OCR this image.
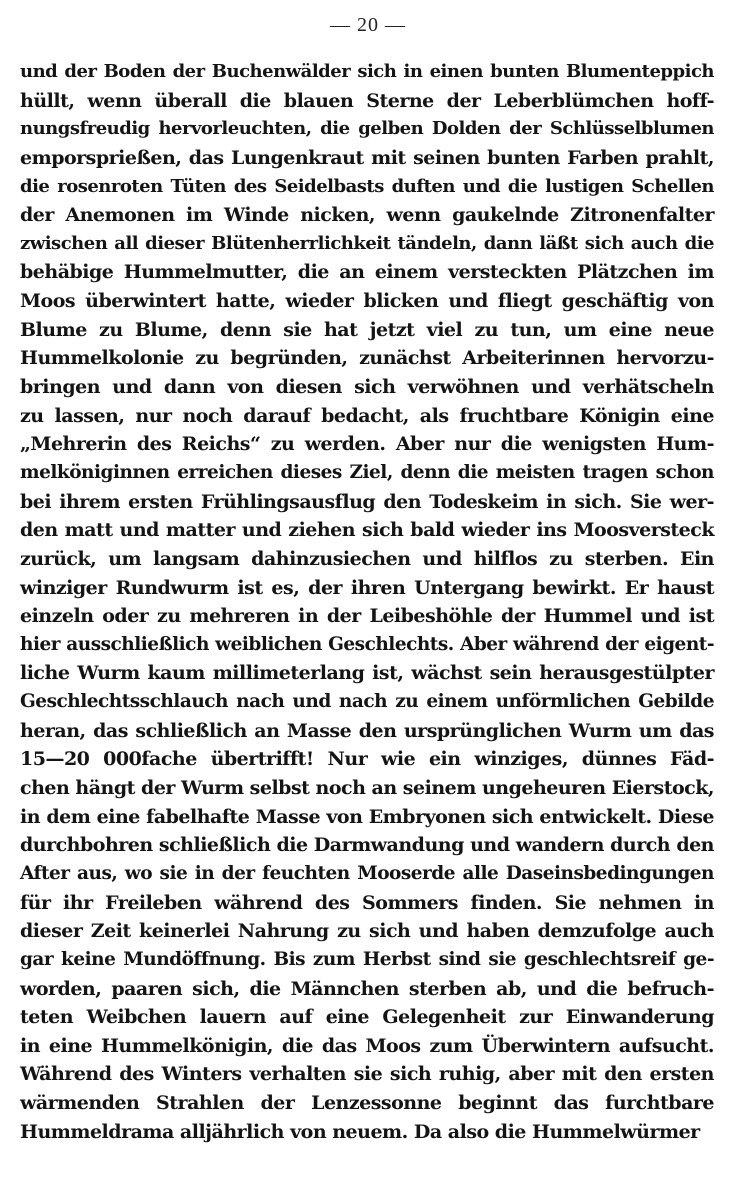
— 20 —
und der Boden der Buchenwälder sich in einen bunten Blumenteppich
hüllt, wenn überall die blauen Sterne der Leberblümchen hoff-
nungsfreudig hervorleuchten, die gelben Dolden der Schlüsselblumen
emporsprießen, das Lungenkraut mit seinen bunten Farben prahlt,
die rosenroten Tüten des Seidelbasts duften und die lustigen Schellen
der Anemonen im Winde nicken, wenn gaukelnde Zitronenfalter
zwischen all dieser Blütenherrlichkeit tändeln, dann läßt sich auch die
behäbige Hummelmutter, die an einem versteckten Plätzchen im
Moos überwintert hatte, wieder blicken und fliegt geschäftig von
Blume zu Blume, denn sie hat jetzt viel zu tun, um eine neue
Hummelkolonie zu begründen, zunächst Arbeiterinnen hervorzu-
bringen und dann von diesen sich verwöhnen und verhätscheln
zu lassen, nur noch darauf bedacht, als fruchtbare Königin eine
„Mehrerin des Reichs“ zu werden. Aber nur die wenigsten Hum-
melköniginnen erreichen dieses Ziel, denn die meisten tragen schon
bei ihrem ersten Frühlingsausflug den Todeskeim in sich. Sie wer-
den matt und matter und ziehen sich bald wieder ins Moosversteck
zurück, um langsam dahinzusiechen und hilflos zu sterben. Ein
winziger Rundwurm ist es, der ihren Untergang bewirkt. Er haust
einzeln oder zu mehreren in der Leibeshöhle der Hummel und ist
hier ausschließlich weiblichen Geschlechts. Aber während der eigent-
liche Wurm kaum millimeterlang ist, wächst sein herausgestülpter
Geschlechtsschlauch nach und nach zu einem unförmlichen Gebilde
heran, das schließlich an Masse den ursprünglichen Wurm um das
15—20 000fache übertrifft! Nur wie ein winziges, dünnes Fäd-
chen hängt der Wurm selbst noch an seinem ungeheuren Eierstock,
in dem eine fabelhafte Masse von Embryonen sich entwickelt. Diese
durchbohren schließlich die Darmwandung und wandern durch den
After aus, wo sie in der feuchten Mooserde alle Daseinsbedingungen
für ihr Freileben während des Sommers finden. Sie nehmen in
dieser Zeit keinerlei Nahrung zu sich und haben demzufolge auch
gar keine Mundöffnung. Bis zum Herbst sind sie geschlechtsreif ge-
worden, paaren sich, die Männchen sterben ab, und die befruch-
teten Weibchen lauern auf eine Gelegenheit zur Einwanderung
in eine Hummelkönigin, die das Moos zum Überwintern aufsucht.
Während des Winters verhalten sie sich ruhig, aber mit den ersten
wärmenden Strahlen der Lenzessonne beginnt das furchtbare
Hummeldrama alljährlich von neuem. Da also die Hummelwürmer
